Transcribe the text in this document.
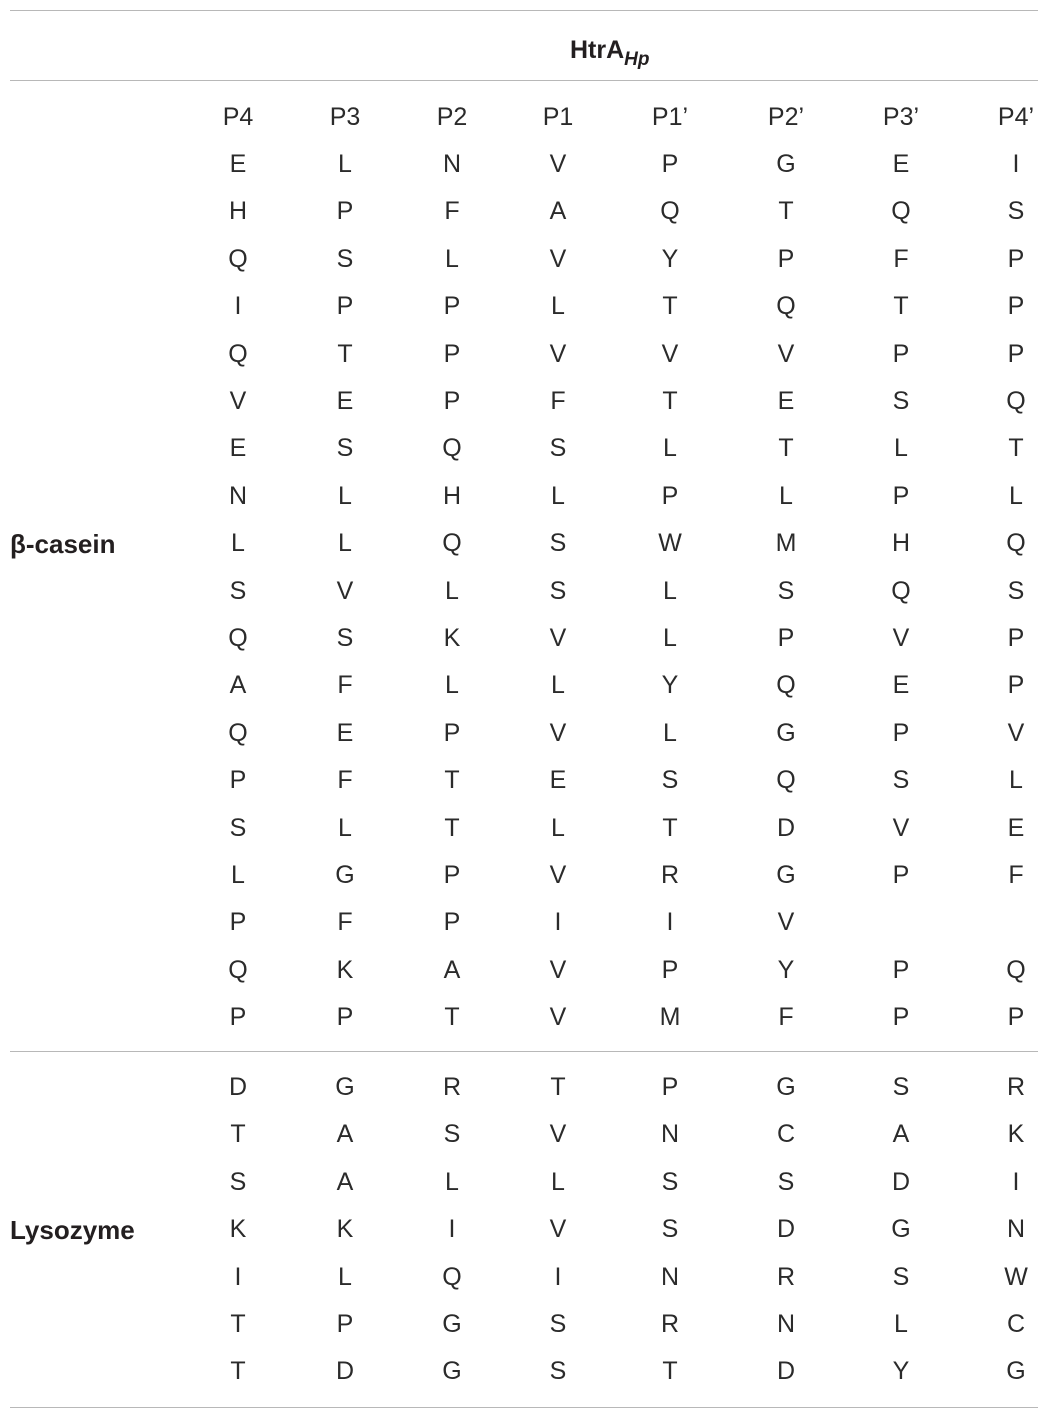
HtrA$_{Hp}$
P4	P3	P2	P1	P1’	P2’	P3’	P4’
β-casein
E	L	N	V	P	G	E	I
H	P	F	A	Q	T	Q	S
Q	S	L	V	Y	P	F	P
I	P	P	L	T	Q	T	P
Q	T	P	V	V	V	P	P
V	E	P	F	T	E	S	Q
E	S	Q	S	L	T	L	T
N	L	H	L	P	L	P	L
L	L	Q	S	W	M	H	Q
S	V	L	S	L	S	Q	S
Q	S	K	V	L	P	V	P
A	F	L	L	Y	Q	E	P
Q	E	P	V	L	G	P	V
P	F	T	E	S	Q	S	L
S	L	T	L	T	D	V	E
L	G	P	V	R	G	P	F
P	F	P	I	I	V
Q	K	A	V	P	Y	P	Q
P	P	T	V	M	F	P	P
Lysozyme
D	G	R	T	P	G	S	R
T	A	S	V	N	C	A	K
S	A	L	L	S	S	D	I
K	K	I	V	S	D	G	N
I	L	Q	I	N	R	S	W
T	P	G	S	R	N	L	C
T	D	G	S	T	D	Y	G
